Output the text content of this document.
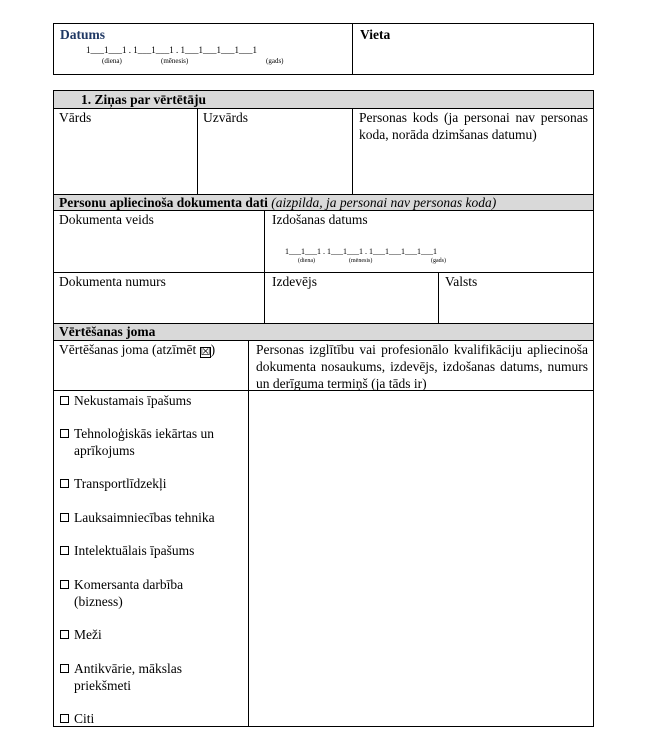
Datums
1___1___1 . 1___1___1 . 1___1___1___1___1
(diena)	(mēnesis)	(gads)
Vieta
1. Ziņas par vērtētāju
Vārds	Uzvārds	Personas kods (ja personai nav personas koda, norāda dzimšanas datumu)
Personu apliecinoša dokumenta dati (aizpilda, ja personai nav personas koda)
Dokumenta veids	Izdošanas datums
1___1___1 . 1___1___1 . 1___1___1___1___1
(diena)	(mēnesis)	(gads)
Dokumenta numurs	Izdevējs	Valsts
Vērtēšanas joma
Vērtēšanas joma (atzīmēt ☒)	Personas izglītību vai profesionālo kvalifikāciju apliecinoša dokumenta nosaukums, izdevējs, izdošanas datums, numurs un derīguma termiņš (ja tāds ir)
Nekustamais īpašums
Tehnoloģiskās iekārtas un
aprīkojums
Transportlīdzekļi
Lauksaimniecības tehnika
Intelektuālais īpašums
Komersanta darbība
(bizness)
Meži
Antikvārie, mākslas
priekšmeti
Citi
